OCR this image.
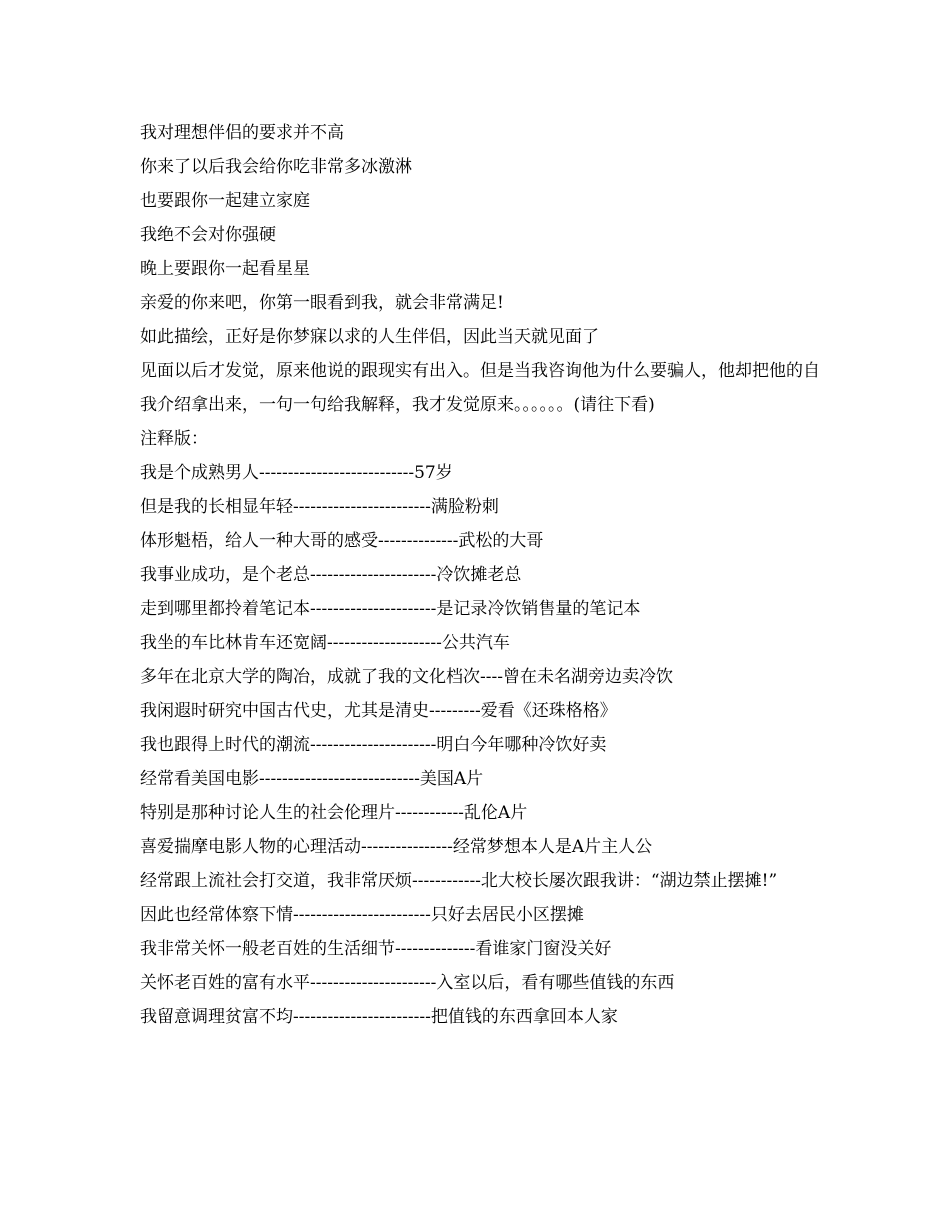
我对理想伴侣的要求并不高
你来了以后我会给你吃非常多冰激淋
也要跟你一起建立家庭
我绝不会对你强硬
晚上要跟你一起看星星
亲爱的你来吧，你第一眼看到我，就会非常满足!
如此描绘，正好是你梦寐以求的人生伴侣，因此当天就见面了
见面以后才发觉，原来他说的跟现实有出入。但是当我咨询他为什么要骗人，他却把他的自我介绍拿出来，一句一句给我解释，我才发觉原来。。。。。。(请往下看)
注释版：
我是个成熟男人---------------------------57岁
但是我的长相显年轻------------------------满脸粉刺
体形魁梧，给人一种大哥的感受--------------武松的大哥
我事业成功，是个老总----------------------冷饮摊老总
走到哪里都拎着笔记本----------------------是记录冷饮销售量的笔记本
我坐的车比林肯车还宽阔--------------------公共汽车
多年在北京大学的陶冶，成就了我的文化档次----曾在未名湖旁边卖冷饮
我闲遐时研究中国古代史，尤其是清史---------爱看《还珠格格》
我也跟得上时代的潮流----------------------明白今年哪种冷饮好卖
经常看美国电影----------------------------美国A片
特别是那种讨论人生的社会伦理片------------乱伦A片
喜爱揣摩电影人物的心理活动----------------经常梦想本人是A片主人公
经常跟上流社会打交道，我非常厌烦------------北大校长屡次跟我讲：“湖边禁止摆摊!”
因此也经常体察下情------------------------只好去居民小区摆摊
我非常关怀一般老百姓的生活细节--------------看谁家门窗没关好
关怀老百姓的富有水平----------------------入室以后，看有哪些值钱的东西
我留意调理贫富不均------------------------把值钱的东西拿回本人家
